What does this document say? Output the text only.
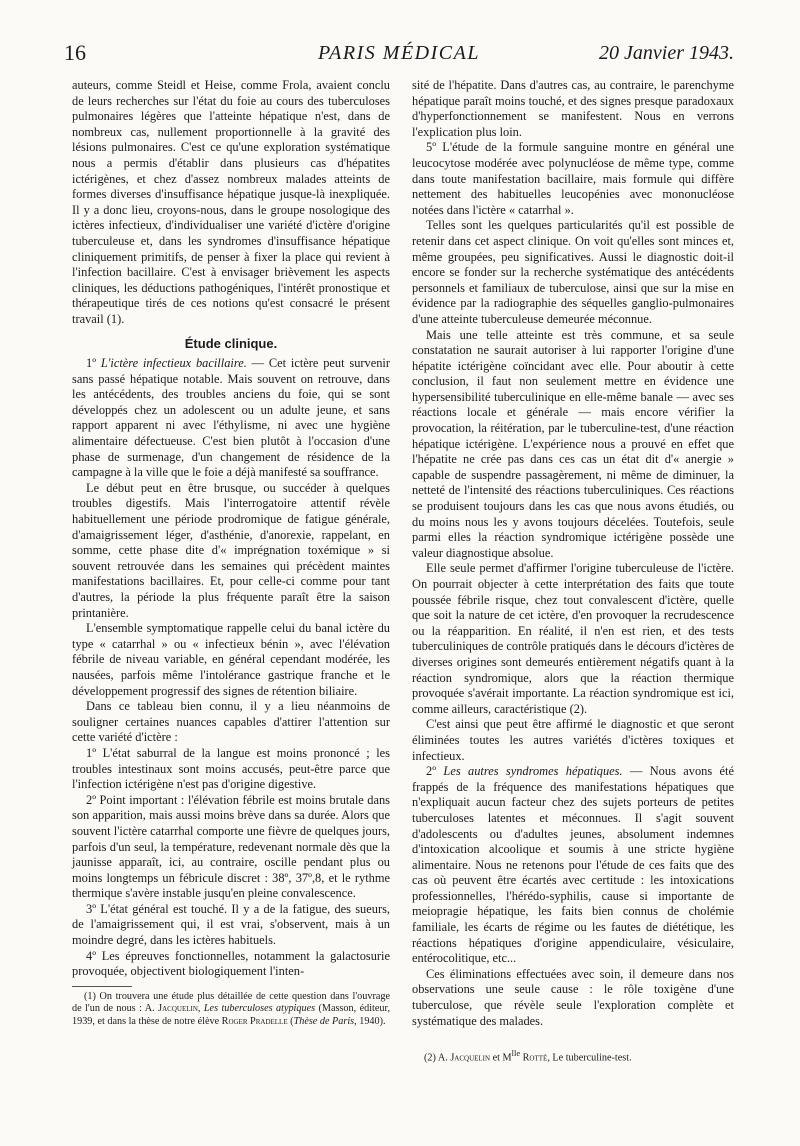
16	PARIS MÉDICAL	20 Janvier 1943.

auteurs, comme Steidl et Heise, comme Frola, avaient conclu de leurs recherches sur l'état du foie au cours des tuberculoses pulmonaires légères que l'atteinte hépatique n'est, dans de nombreux cas, nullement proportionnelle à la gravité des lésions pulmonaires. C'est ce qu'une exploration systématique nous a permis d'établir dans plusieurs cas d'hépatites ictérigènes, et chez d'assez nombreux malades atteints de formes diverses d'insuffisance hépatique jusque-là inexpliquée. Il y a donc lieu, croyons-nous, dans le groupe nosologique des ictères infectieux, d'individualiser une variété d'ictère d'origine tuberculeuse et, dans les syndromes d'insuffisance hépatique cliniquement primitifs, de penser à fixer la place qui revient à l'infection bacillaire. C'est à envisager brièvement les aspects cliniques, les déductions pathogéniques, l'intérêt pronostique et thérapeutique tirés de ces notions qu'est consacré le présent travail (1).

Étude clinique.

1º L'ictère infectieux bacillaire. — Cet ictère peut survenir sans passé hépatique notable. Mais souvent on retrouve, dans les antécédents, des troubles anciens du foie, qui se sont développés chez un adolescent ou un adulte jeune, et sans rapport apparent ni avec l'éthylisme, ni avec une hygiène alimentaire défectueuse. C'est bien plutôt à l'occasion d'une phase de surmenage, d'un changement de résidence de la campagne à la ville que le foie a déjà manifesté sa souffrance.

Le début peut en être brusque, ou succéder à quelques troubles digestifs. Mais l'interrogatoire attentif révèle habituellement une période prodromique de fatigue générale, d'amaigrissement léger, d'asthénie, d'anorexie, rappelant, en somme, cette phase dite d'« imprégnation toxémique » si souvent retrouvée dans les semaines qui précèdent maintes manifestations bacillaires. Et, pour celle-ci comme pour tant d'autres, la période la plus fréquente paraît être la saison printanière.

L'ensemble symptomatique rappelle celui du banal ictère du type « catarrhal » ou « infectieux bénin », avec l'élévation fébrile de niveau variable, en général cependant modérée, les nausées, parfois même l'intolérance gastrique franche et le développement progressif des signes de rétention biliaire.

Dans ce tableau bien connu, il y a lieu néanmoins de souligner certaines nuances capables d'attirer l'attention sur cette variété d'ictère :

1º L'état saburral de la langue est moins prononcé ; les troubles intestinaux sont moins accusés, peut-être parce que l'infection ictérigène n'est pas d'origine digestive.

2º Point important : l'élévation fébrile est moins brutale dans son apparition, mais aussi moins brève dans sa durée. Alors que souvent l'ictère catarrhal comporte une fièvre de quelques jours, parfois d'un seul, la température, redevenant normale dès que la jaunisse apparaît, ici, au contraire, oscille pendant plus ou moins longtemps un fébricule discret : 38º, 37º,8, et le rythme thermique s'avère instable jusqu'en pleine convalescence.

3º L'état général est touché. Il y a de la fatigue, des sueurs, de l'amaigrissement qui, il est vrai, s'observent, mais à un moindre degré, dans les ictères habituels.

4º Les épreuves fonctionnelles, notamment la galactosurie provoquée, objectivent biologiquement l'inten-

(1) On trouvera une étude plus détaillée de cette question dans l'ouvrage de l'un de nous : A. Jacquelin, Les tuberculoses atypiques (Masson, éditeur, 1939, et dans la thèse de notre élève Roger Pradelle (Thèse de Paris, 1940).

sité de l'hépatite. Dans d'autres cas, au contraire, le parenchyme hépatique paraît moins touché, et des signes presque paradoxaux d'hyperfonctionnement se manifestent. Nous en verrons l'explication plus loin.

5º L'étude de la formule sanguine montre en général une leucocytose modérée avec polynucléose de même type, comme dans toute manifestation bacillaire, mais formule qui diffère nettement des habituelles leucopénies avec mononucléose notées dans l'ictère « catarrhal ».

Telles sont les quelques particularités qu'il est possible de retenir dans cet aspect clinique. On voit qu'elles sont minces et, même groupées, peu significatives. Aussi le diagnostic doit-il encore se fonder sur la recherche systématique des antécédents personnels et familiaux de tuberculose, ainsi que sur la mise en évidence par la radiographie des séquelles ganglio-pulmonaires d'une atteinte tuberculeuse demeurée méconnue.

Mais une telle atteinte est très commune, et sa seule constatation ne saurait autoriser à lui rapporter l'origine d'une hépatite ictérigène coïncidant avec elle. Pour aboutir à cette conclusion, il faut non seulement mettre en évidence une hypersensibilité tuberculinique en elle-même banale — avec ses réactions locale et générale — mais encore vérifier la provocation, la réitération, par le tuberculine-test, d'une réaction hépatique ictérigène. L'expérience nous a prouvé en effet que l'hépatite ne crée pas dans ces cas un état dit d'« anergie » capable de suspendre passagèrement, ni même de diminuer, la netteté de l'intensité des réactions tuberculiniques. Ces réactions se produisent toujours dans les cas que nous avons étudiés, ou du moins nous les y avons toujours décelées. Toutefois, seule parmi elles la réaction syndromique ictérigène possède une valeur diagnostique absolue.

Elle seule permet d'affirmer l'origine tuberculeuse de l'ictère. On pourrait objecter à cette interprétation des faits que toute poussée fébrile risque, chez tout convalescent d'ictère, quelle que soit la nature de cet ictère, d'en provoquer la recrudescence ou la réapparition. En réalité, il n'en est rien, et des tests tuberculiniques de contrôle pratiqués dans le décours d'ictères de diverses origines sont demeurés entièrement négatifs quant à la réaction syndromique, alors que la réaction thermique provoquée s'avérait importante. La réaction syndromique est ici, comme ailleurs, caractéristique (2).

C'est ainsi que peut être affirmé le diagnostic et que seront éliminées toutes les autres variétés d'ictères toxiques et infectieux.

2º Les autres syndromes hépatiques. — Nous avons été frappés de la fréquence des manifestations hépatiques que n'expliquait aucun facteur chez des sujets porteurs de petites tuberculoses latentes et méconnues. Il s'agit souvent d'adolescents ou d'adultes jeunes, absolument indemnes d'intoxication alcoolique et soumis à une stricte hygiène alimentaire. Nous ne retenons pour l'étude de ces faits que des cas où peuvent être écartés avec certitude : les intoxications professionnelles, l'hérédo-syphilis, cause si importante de meiopragie hépatique, les faits bien connus de cholémie familiale, les écarts de régime ou les fautes de diététique, les réactions hépatiques d'origine appendiculaire, vésiculaire, entérocolitique, etc...

Ces éliminations effectuées avec soin, il demeure dans nos observations une seule cause : le rôle toxigène d'une tuberculose, que révèle seule l'exploration complète et systématique des malades.

(2) A. Jacquelin et $M^{lle}$ Rotté, Le tuberculine-test.
